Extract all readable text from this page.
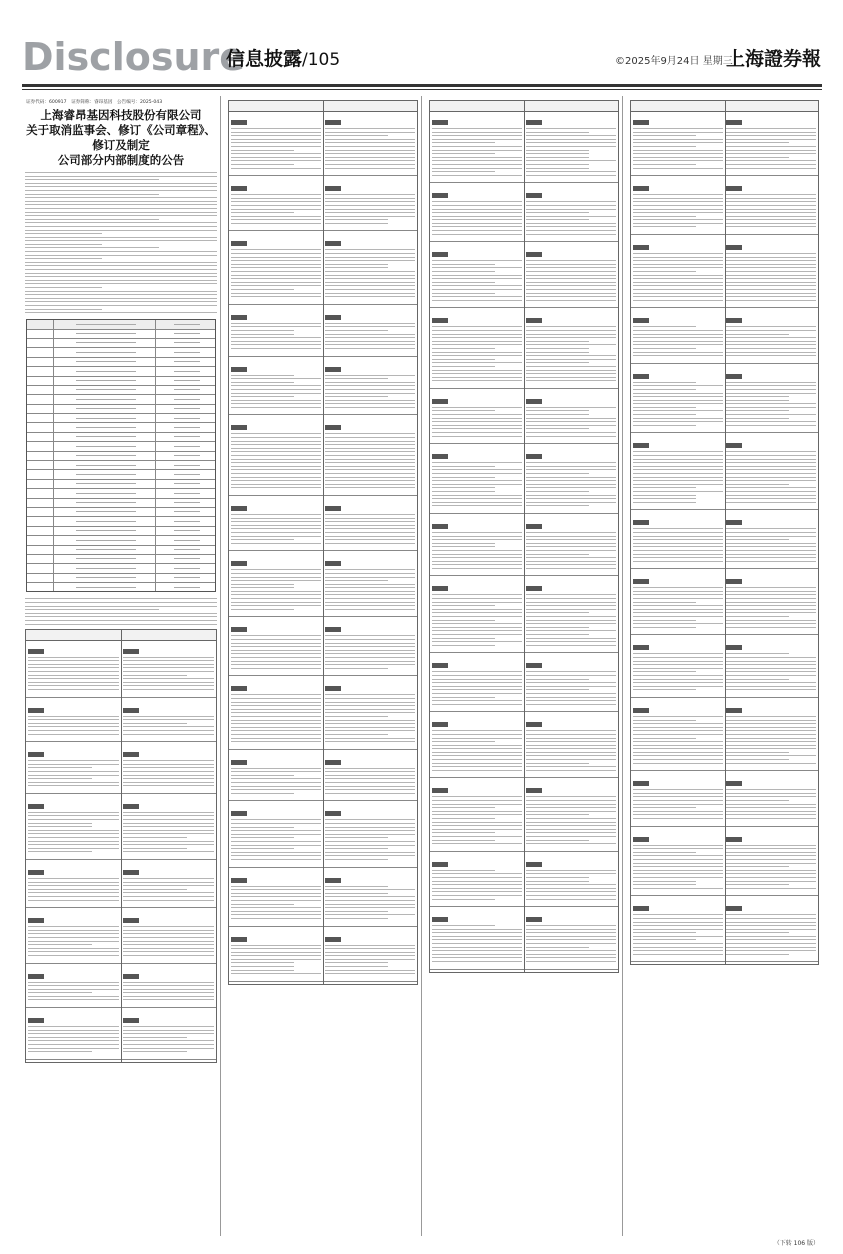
Disclosure
信息披露/105	©2025年9月24日 星期三
上海證券報
证券代码：600917　证券简称：睿昂基因　公告编号：2025-043
上海睿昂基因科技股份有限公司
关于取消监事会、修订《公司章程》、修订及制定
公司部分内部制度的公告
（下转 106 版）
